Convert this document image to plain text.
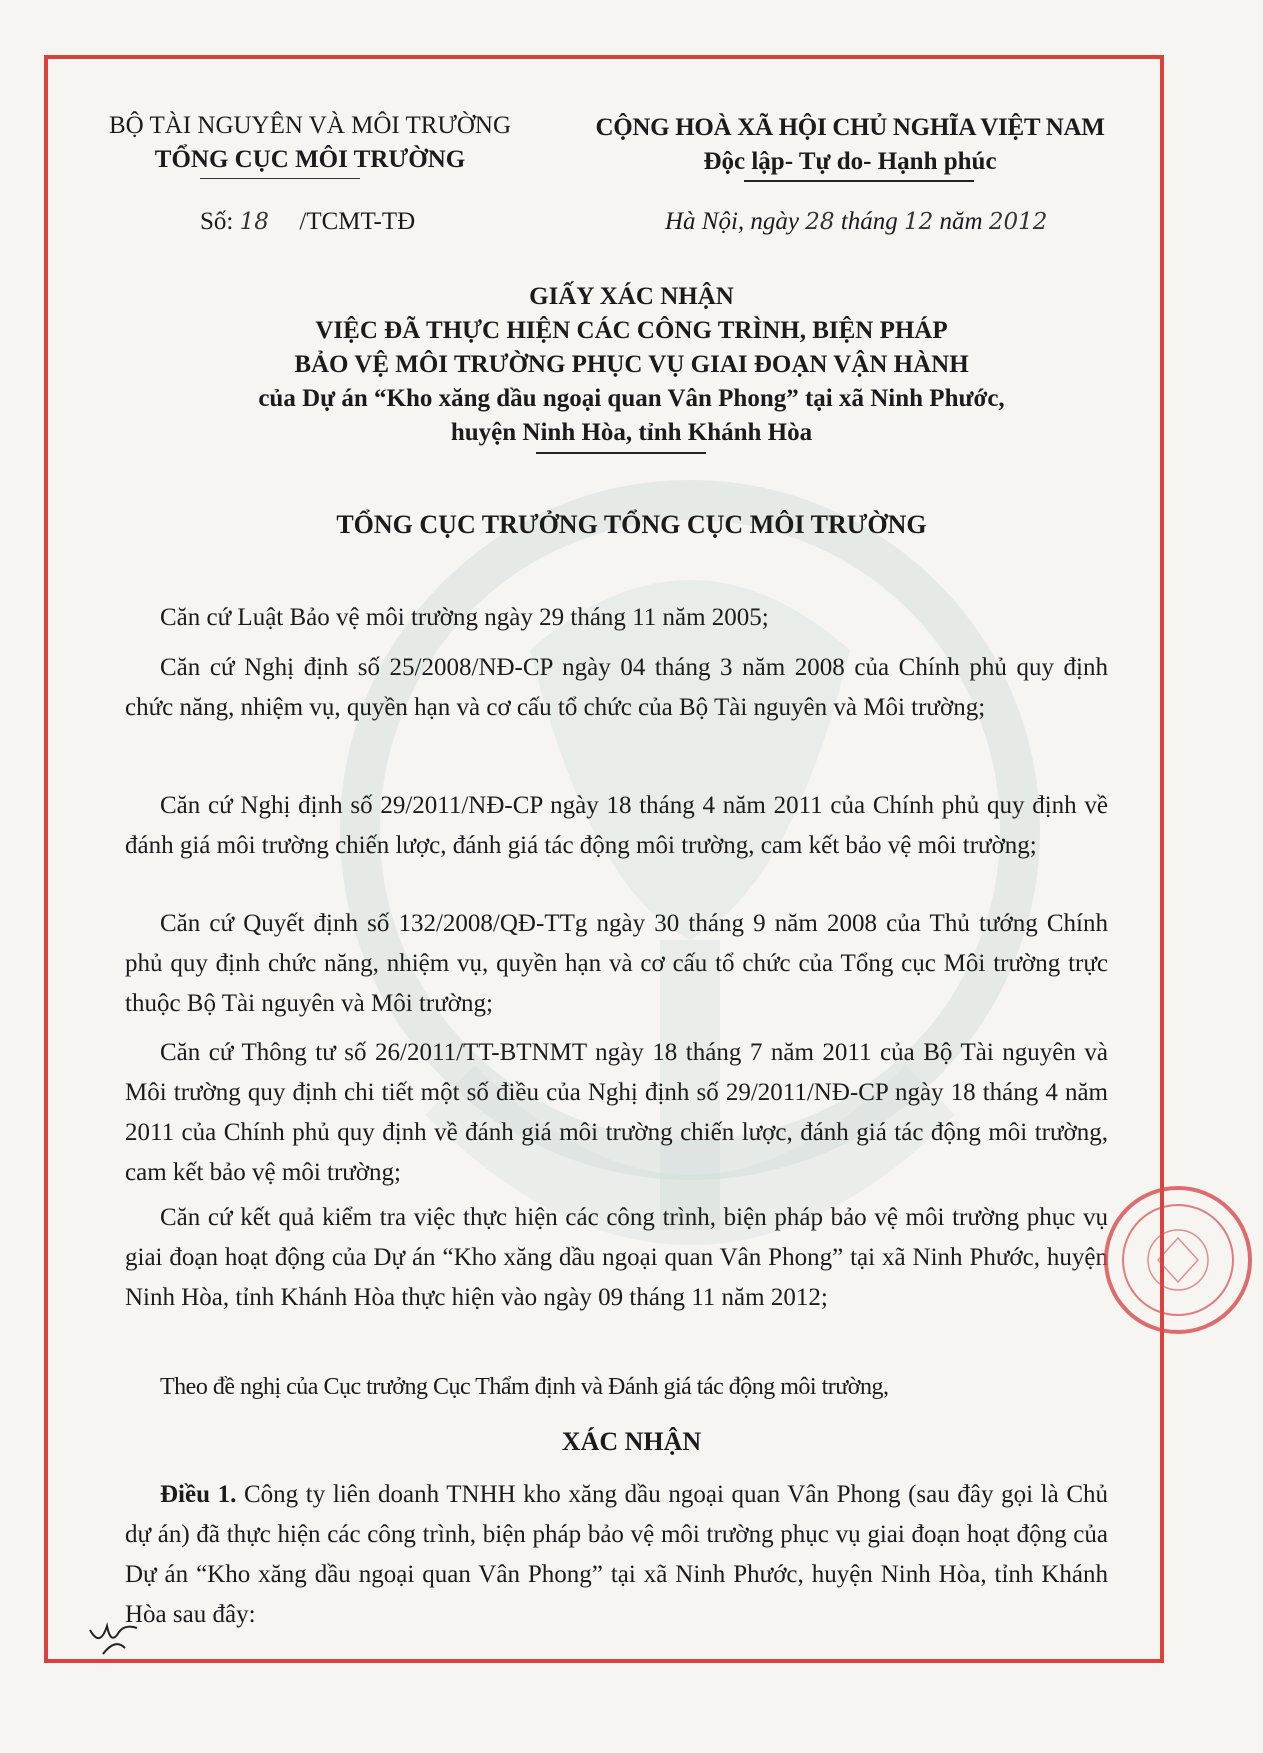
BỘ TÀI NGUYÊN VÀ MÔI TRƯỜNG
TỔNG CỤC MÔI TRƯỜNG
CỘNG HOÀ XÃ HỘI CHỦ NGHĨA VIỆT NAM
Độc lập- Tự do- Hạnh phúc
Số: 18 /TCMT-TĐ	Hà Nội, ngày 28 tháng 12 năm 2012
GIẤY XÁC NHẬN
VIỆC ĐÃ THỰC HIỆN CÁC CÔNG TRÌNH, BIỆN PHÁP
BẢO VỆ MÔI TRƯỜNG PHỤC VỤ GIAI ĐOẠN VẬN HÀNH
của Dự án “Kho xăng dầu ngoại quan Vân Phong” tại xã Ninh Phước,
huyện Ninh Hòa, tỉnh Khánh Hòa
TỔNG CỤC TRƯỞNG TỔNG CỤC MÔI TRƯỜNG
Căn cứ Luật Bảo vệ môi trường ngày 29 tháng 11 năm 2005;
Căn cứ Nghị định số 25/2008/NĐ-CP ngày 04 tháng 3 năm 2008 của Chính phủ quy định chức năng, nhiệm vụ, quyền hạn và cơ cấu tổ chức của Bộ Tài nguyên và Môi trường;
Căn cứ Nghị định số 29/2011/NĐ-CP ngày 18 tháng 4 năm 2011 của Chính phủ quy định về đánh giá môi trường chiến lược, đánh giá tác động môi trường, cam kết bảo vệ môi trường;
Căn cứ Quyết định số 132/2008/QĐ-TTg ngày 30 tháng 9 năm 2008 của Thủ tướng Chính phủ quy định chức năng, nhiệm vụ, quyền hạn và cơ cấu tổ chức của Tổng cục Môi trường trực thuộc Bộ Tài nguyên và Môi trường;
Căn cứ Thông tư số 26/2011/TT-BTNMT ngày 18 tháng 7 năm 2011 của Bộ Tài nguyên và Môi trường quy định chi tiết một số điều của Nghị định số 29/2011/NĐ-CP ngày 18 tháng 4 năm 2011 của Chính phủ quy định về đánh giá môi trường chiến lược, đánh giá tác động môi trường, cam kết bảo vệ môi trường;
Căn cứ kết quả kiểm tra việc thực hiện các công trình, biện pháp bảo vệ môi trường phục vụ giai đoạn hoạt động của Dự án “Kho xăng dầu ngoại quan Vân Phong” tại xã Ninh Phước, huyện Ninh Hòa, tỉnh Khánh Hòa thực hiện vào ngày 09 tháng 11 năm 2012;
Theo đề nghị của Cục trưởng Cục Thẩm định và Đánh giá tác động môi trường,
XÁC NHẬN
Điều 1. Công ty liên doanh TNHH kho xăng dầu ngoại quan Vân Phong (sau đây gọi là Chủ dự án) đã thực hiện các công trình, biện pháp bảo vệ môi trường phục vụ giai đoạn hoạt động của Dự án “Kho xăng dầu ngoại quan Vân Phong” tại xã Ninh Phước, huyện Ninh Hòa, tỉnh Khánh Hòa sau đây:
